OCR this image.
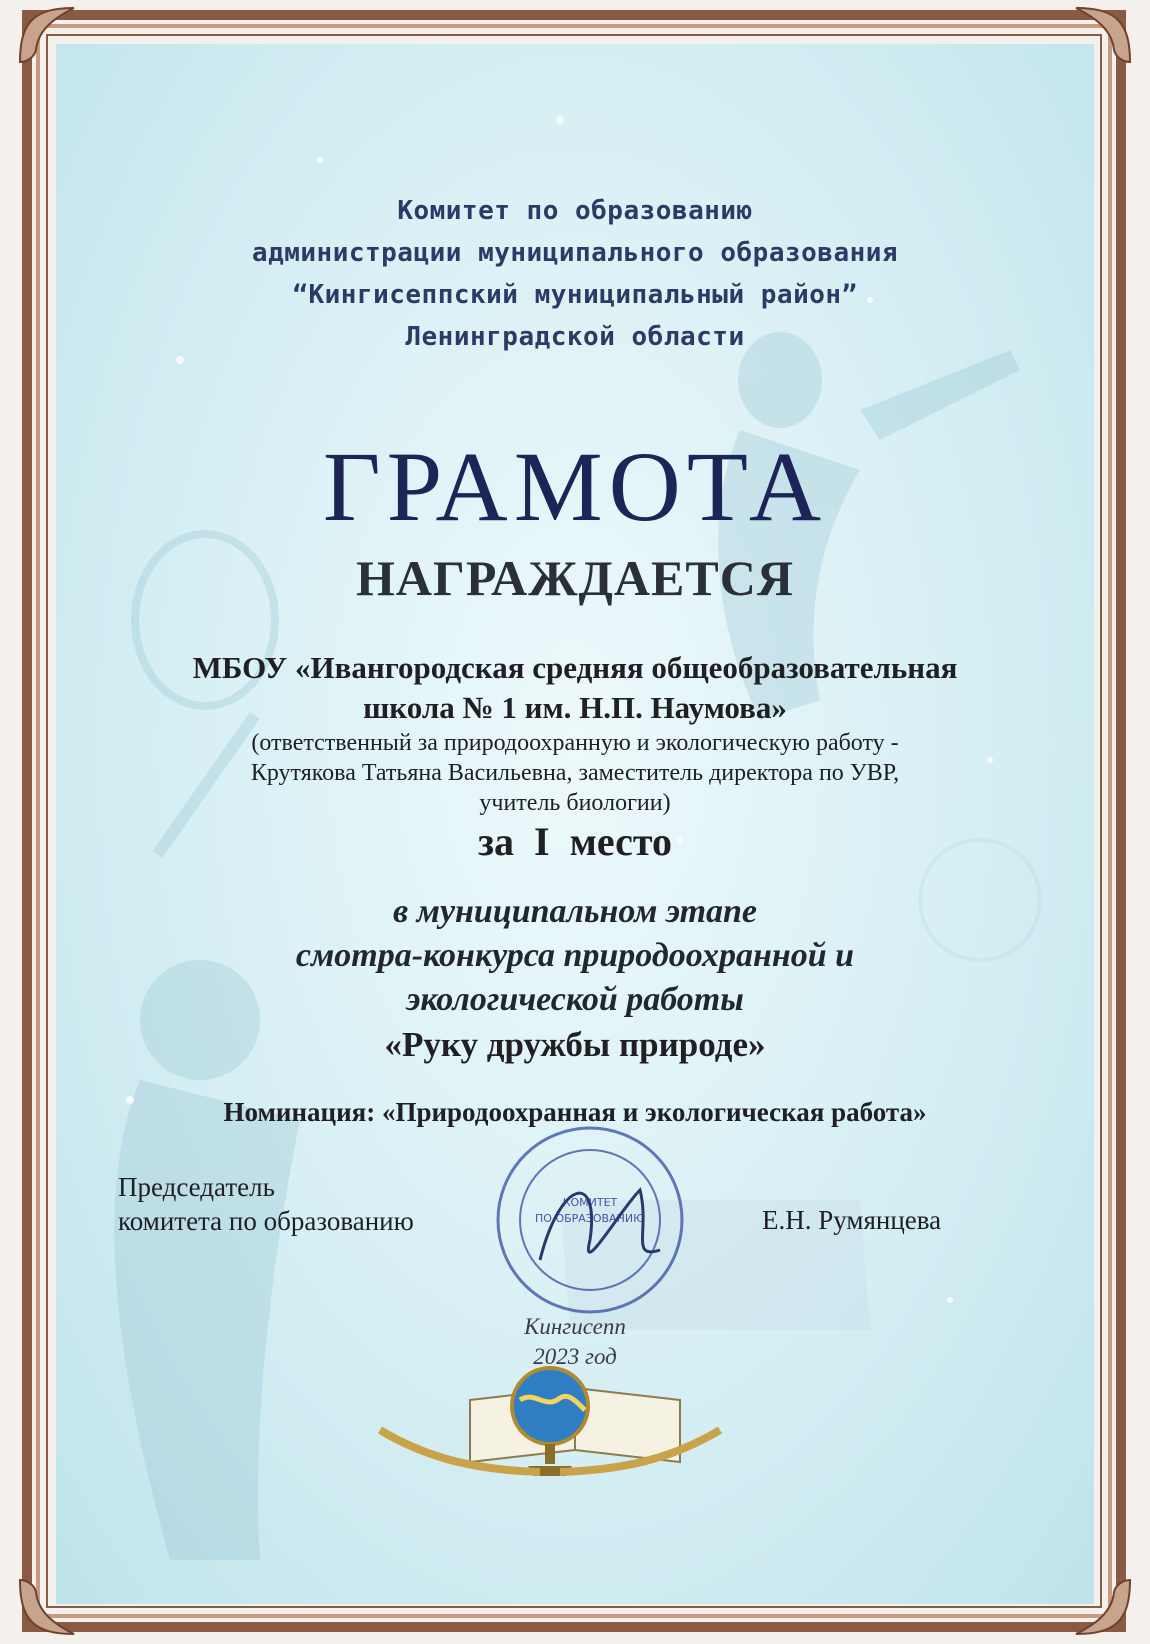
Комитет по образованию
администрации муниципального образования
“Кингисеппский муниципальный район”
Ленинградской области
ГРАМОТА
НАГРАЖДАЕТСЯ
МБОУ «Ивангородская средняя общеобразовательная
школа № 1 им. Н.П. Наумова»
(ответственный за природоохранную и экологическую работу -
Крутякова Татьяна Васильевна, заместитель директора по УВР,
учитель биологии)
за  I  место
в муниципальном этапе
смотра-конкурса природоохранной и
экологической работы
«Руку дружбы природе»
Номинация: «Природоохранная и экологическая работа»
Председатель
комитета по образованию
КОМИТЕТ
ПО ОБРАЗОВАНИЮ	Е.Н. Румянцева
Кингисепп
2023 год
